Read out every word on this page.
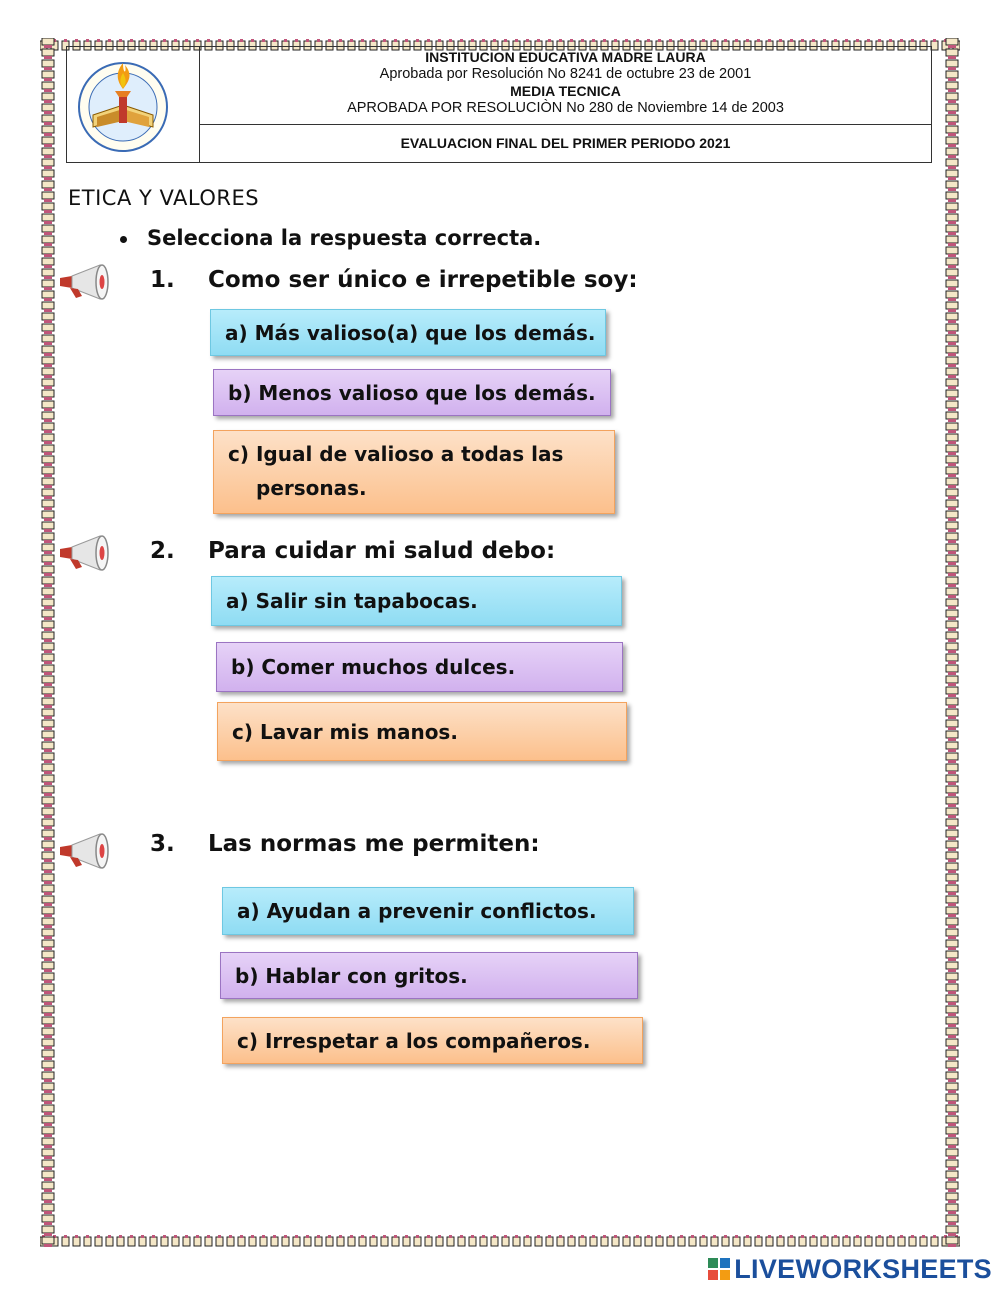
INSTITUCION EDUCATIVA MADRE LAURA
Aprobada por Resolución No 8241 de octubre 23 de 2001
MEDIA TECNICA
APROBADA POR RESOLUCIÒN No 280 de Noviembre 14 de 2003
EVALUACION FINAL DEL PRIMER PERIODO 2021
ETICA Y VALORES
Selecciona la respuesta correcta.
1. Como ser único e irrepetible soy:
a) Más valioso(a) que los demás.
b) Menos valioso que los demás.
c) Igual de valioso a todas las
personas.
2. Para cuidar mi salud debo:
a) Salir sin tapabocas.
b) Comer muchos dulces.
c) Lavar mis manos.
3. Las normas me permiten:
a) Ayudan a prevenir conflictos.
b) Hablar con gritos.
c) Irrespetar a los compañeros.
LIVEWORKSHEETS
